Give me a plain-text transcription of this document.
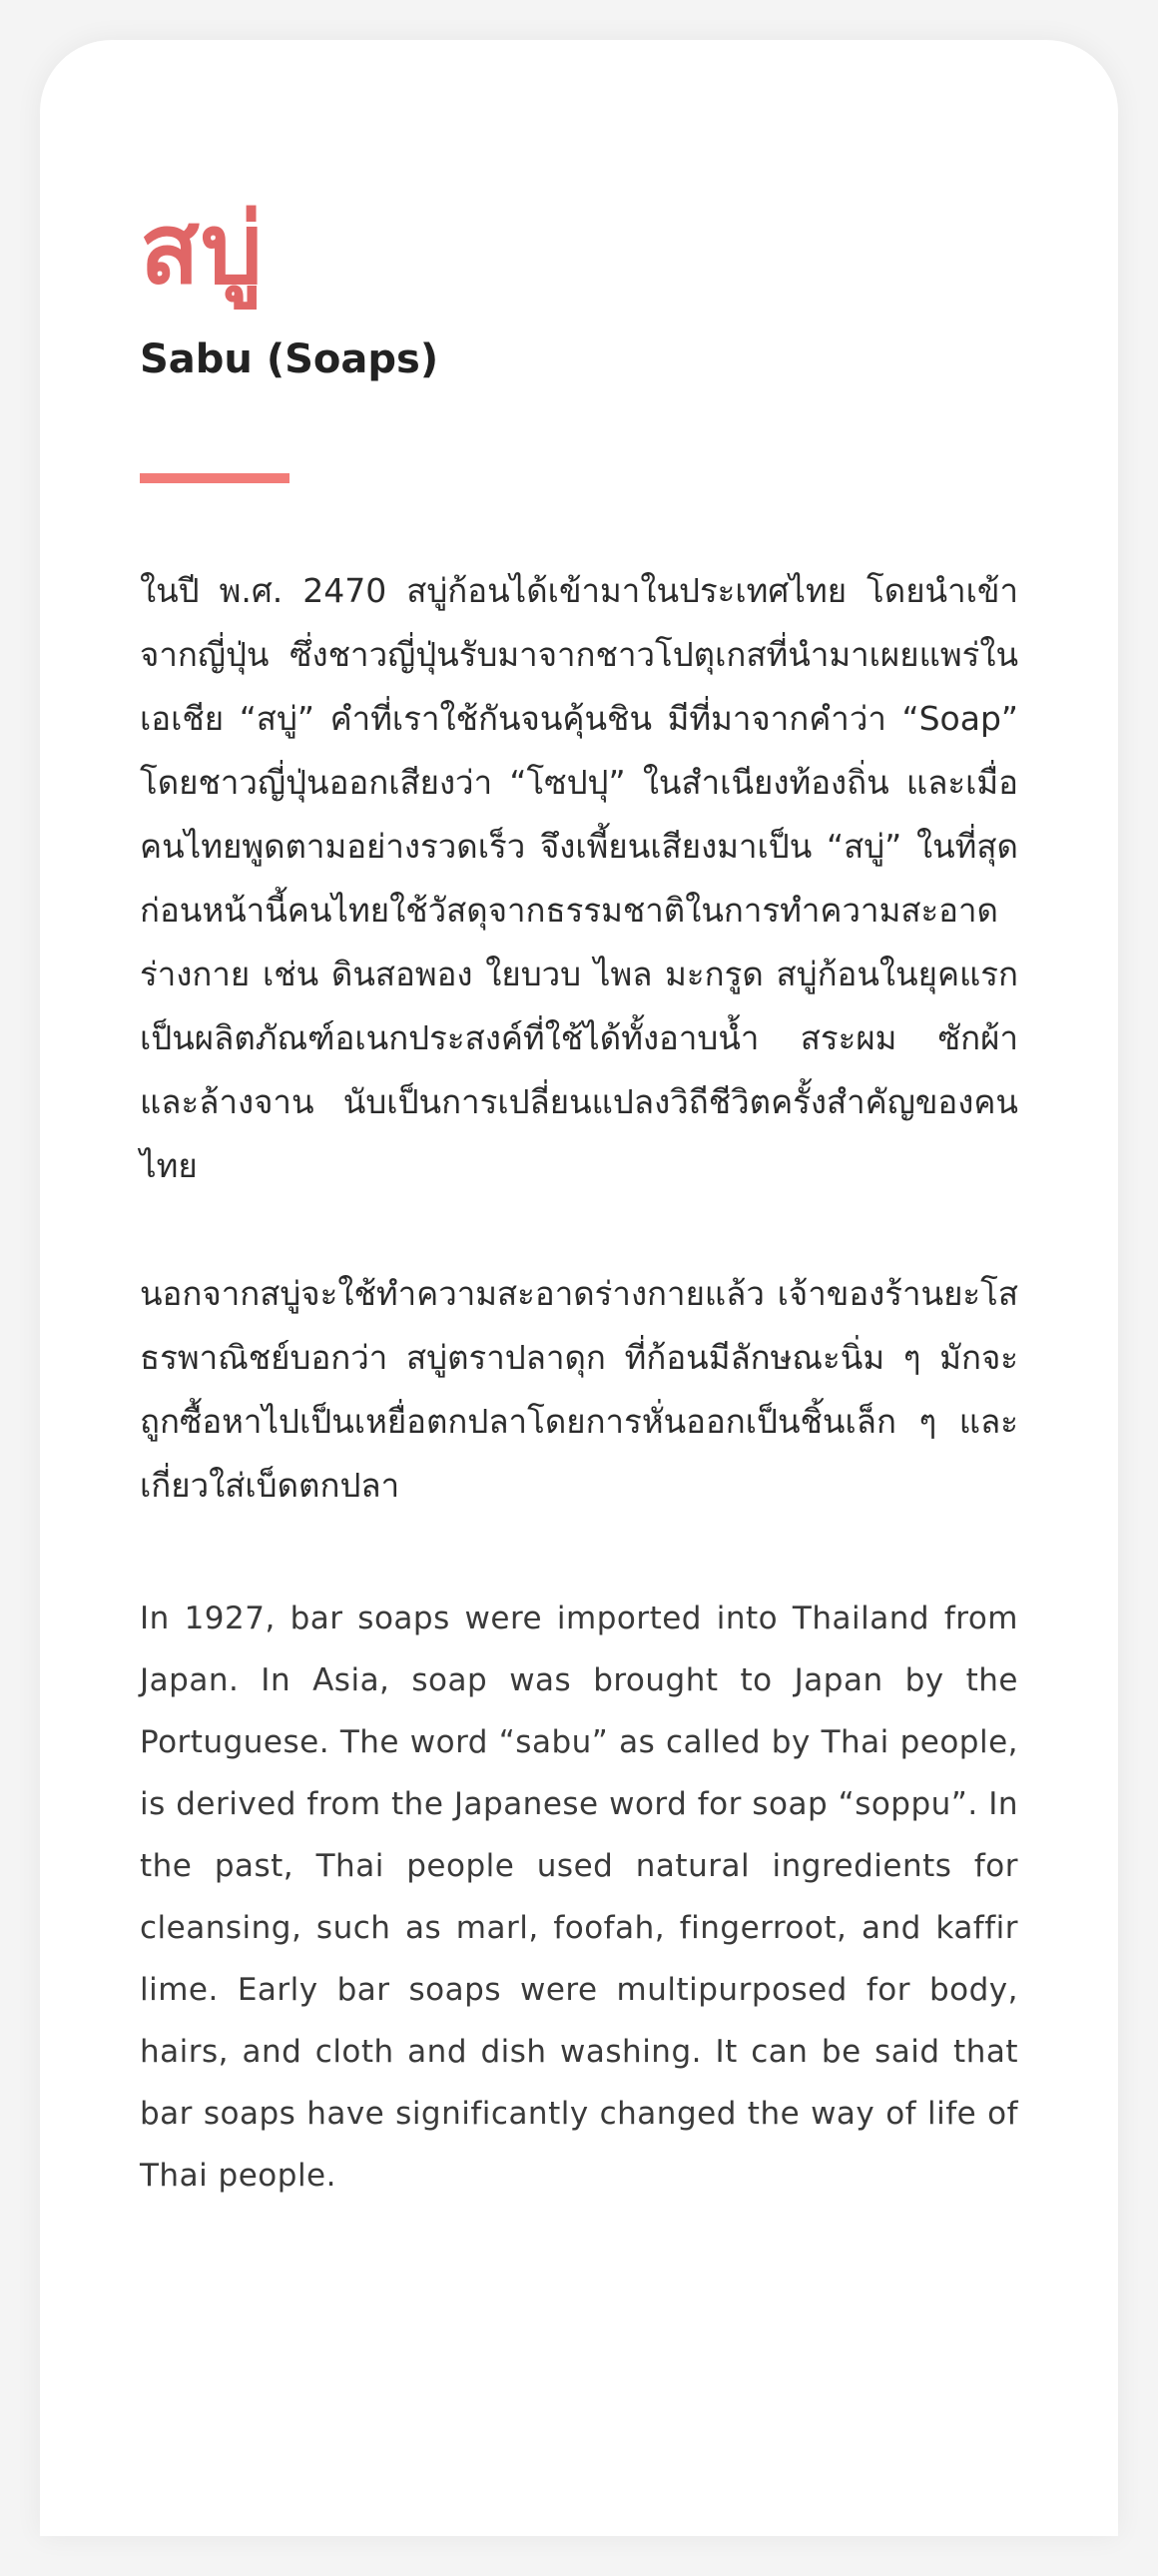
สบู่
Sabu (Soaps)

ในปี พ.ศ. 2470 สบู่ก้อนได้เข้ามาในประเทศไทย โดยนำเข้าจากญี่ปุ่น ซึ่งชาวญี่ปุ่นรับมาจากชาวโปตุเกสที่นำมาเผยแพร่ในเอเชีย “สบู่” คำที่เราใช้กันจนคุ้นชิน มีที่มาจากคำว่า “Soap” โดยชาวญี่ปุ่นออกเสียงว่า “โซปปุ” ในสำเนียงท้องถิ่น และเมื่อคนไทยพูดตามอย่างรวดเร็ว จึงเพี้ยนเสียงมาเป็น “สบู่” ในที่สุด ก่อนหน้านี้คนไทยใช้วัสดุจากธรรมชาติในการทำความสะอาดร่างกาย เช่น ดินสอพอง ใยบวบ ไพล มะกรูด สบู่ก้อนในยุคแรกเป็นผลิตภัณฑ์อเนกประสงค์ที่ใช้ได้ทั้งอาบน้ำ สระผม ซักผ้า และล้างจาน นับเป็นการเปลี่ยนแปลงวิถีชีวิตครั้งสำคัญของคนไทย

นอกจากสบู่จะใช้ทำความสะอาดร่างกายแล้ว เจ้าของร้านยะโสธรพาณิชย์บอกว่า สบู่ตราปลาดุก ที่ก้อนมีลักษณะนิ่ม ๆ มักจะถูกซื้อหาไปเป็นเหยื่อตกปลาโดยการหั่นออกเป็นชิ้นเล็ก ๆ และเกี่ยวใส่เบ็ดตกปลา

In 1927, bar soaps were imported into Thailand from Japan. In Asia, soap was brought to Japan by the Portuguese. The word “sabu” as called by Thai people, is derived from the Japanese word for soap “soppu”. In the past, Thai people used natural ingredients for cleansing, such as marl, foofah, fingerroot, and kaffir lime. Early bar soaps were multipurposed for body, hairs, and cloth and dish washing. It can be said that bar soaps have significantly changed the way of life of Thai people.
